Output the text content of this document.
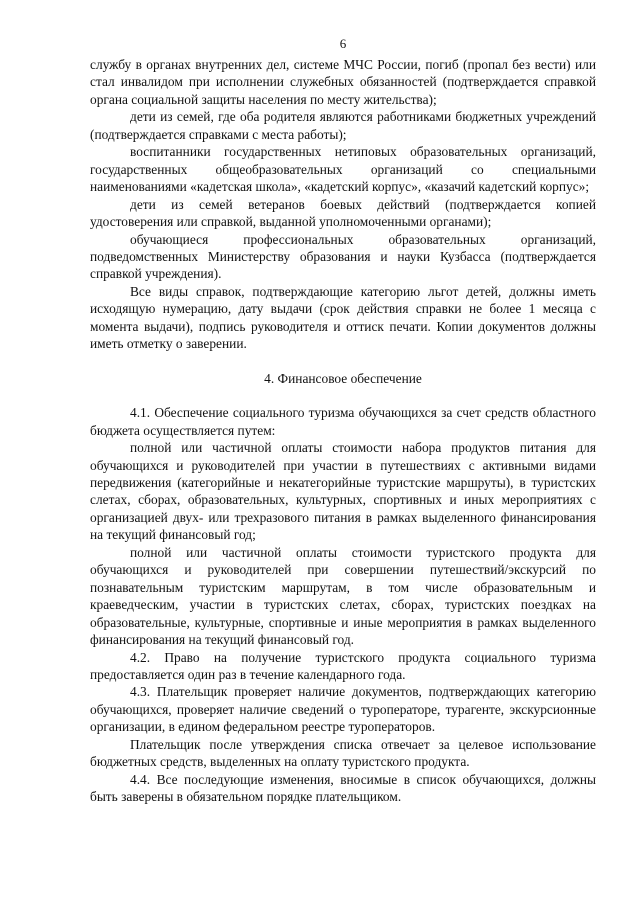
6

службу в органах внутренних дел, системе МЧС России, погиб (пропал без вести) или стал инвалидом при исполнении служебных обязанностей (подтверждается справкой органа социальной защиты населения по месту жительства);

дети из семей, где оба родителя являются работниками бюджетных учреждений (подтверждается справками с места работы);

воспитанники государственных нетиповых образовательных организаций, государственных общеобразовательных организаций со специальными наименованиями «кадетская школа», «кадетский корпус», «казачий кадетский корпус»;

дети из семей ветеранов боевых действий (подтверждается копией удостоверения или справкой, выданной уполномоченными органами);

обучающиеся профессиональных образовательных организаций, подведомственных Министерству образования и науки Кузбасса (подтверждается справкой учреждения).

Все виды справок, подтверждающие категорию льгот детей, должны иметь исходящую нумерацию, дату выдачи (срок действия справки не более 1 месяца с момента выдачи), подпись руководителя и оттиск печати. Копии документов должны иметь отметку о заверении.

4. Финансовое обеспечение

4.1. Обеспечение социального туризма обучающихся за счет средств областного бюджета осуществляется путем:

полной или частичной оплаты стоимости набора продуктов питания для обучающихся и руководителей при участии в путешествиях с активными видами передвижения (категорийные и некатегорийные туристские маршруты), в туристских слетах, сборах, образовательных, культурных, спортивных и иных мероприятиях с организацией двух- или трехразового питания в рамках выделенного финансирования на текущий финансовый год;

полной или частичной оплаты стоимости туристского продукта для обучающихся и руководителей при совершении путешествий/экскурсий по познавательным туристским маршрутам, в том числе образовательным и краеведческим, участии в туристских слетах, сборах, туристских поездках на образовательные, культурные, спортивные и иные мероприятия в рамках выделенного финансирования на текущий финансовый год.

4.2. Право на получение туристского продукта социального туризма предоставляется один раз в течение календарного года.

4.3. Плательщик проверяет наличие документов, подтверждающих категорию обучающихся, проверяет наличие сведений о туроператоре, турагенте, экскурсионные организации, в едином федеральном реестре туроператоров.

Плательщик после утверждения списка отвечает за целевое использование бюджетных средств, выделенных на оплату туристского продукта.

4.4. Все последующие изменения, вносимые в список обучающихся, должны быть заверены в обязательном порядке плательщиком.
